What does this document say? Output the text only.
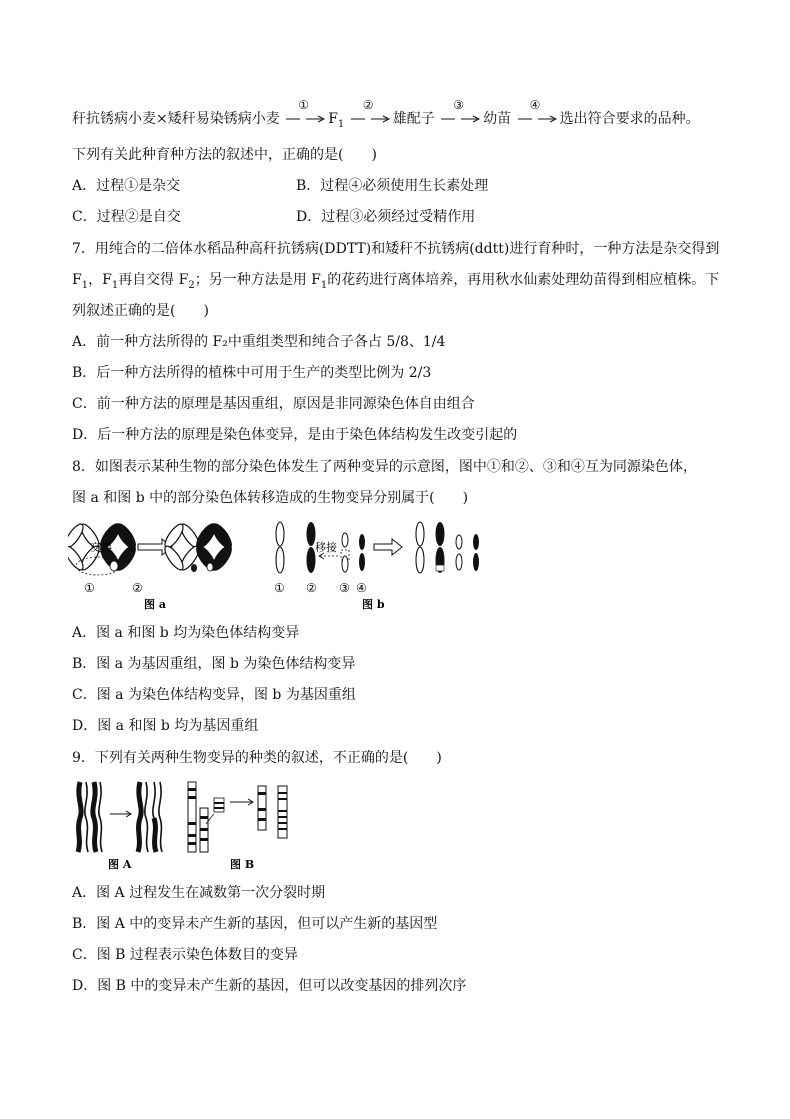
秆抗锈病小麦×矮秆易染锈病小麦
①
$F_1$
②
雄配子
③
幼苗
④
选出符合要求的品种。
下列有关此种育种方法的叙述中，正确的是(　　)
A．过程①是杂交	B．过程④必须使用生长素处理
C．过程②是自交	D．过程③必须经过受精作用
7．用纯合的二倍体水稻品种高秆抗锈病(DDTT)和矮秆不抗锈病(ddtt)进行育种时，一种方法是杂交得到
$F_1$，$F_1$再自交得 $F_2$；另一种方法是用 $F_1$的花药进行离体培养，再用秋水仙素处理幼苗得到相应植株。下
列叙述正确的是(　　)
A．前一种方法所得的 F₂中重组类型和纯合子各占 5/8、1/4
B．后一种方法所得的植株中可用于生产的类型比例为 2/3
C．前一种方法的原理是基因重组，原因是非同源染色体自由组合
D．后一种方法的原理是染色体变异，是由于染色体结构发生改变引起的
8．如图表示某种生物的部分染色体发生了两种变异的示意图，图中①和②、③和④互为同源染色体，
图 a 和图 b 中的部分染色体转移造成的生物变异分别属于(　　)
交换
①	②
图 a
移接
① ② ③ ④
图 b
A．图 a 和图 b 均为染色体结构变异
B．图 a 为基因重组，图 b 为染色体结构变异
C．图 a 为染色体结构变异，图 b 为基因重组
D．图 a 和图 b 均为基因重组
9．下列有关两种生物变异的种类的叙述，不正确的是(　　)
图 A	图 B
A．图 A 过程发生在减数第一次分裂时期
B．图 A 中的变异未产生新的基因，但可以产生新的基因型
C．图 B 过程表示染色体数目的变异
D．图 B 中的变异未产生新的基因，但可以改变基因的排列次序
